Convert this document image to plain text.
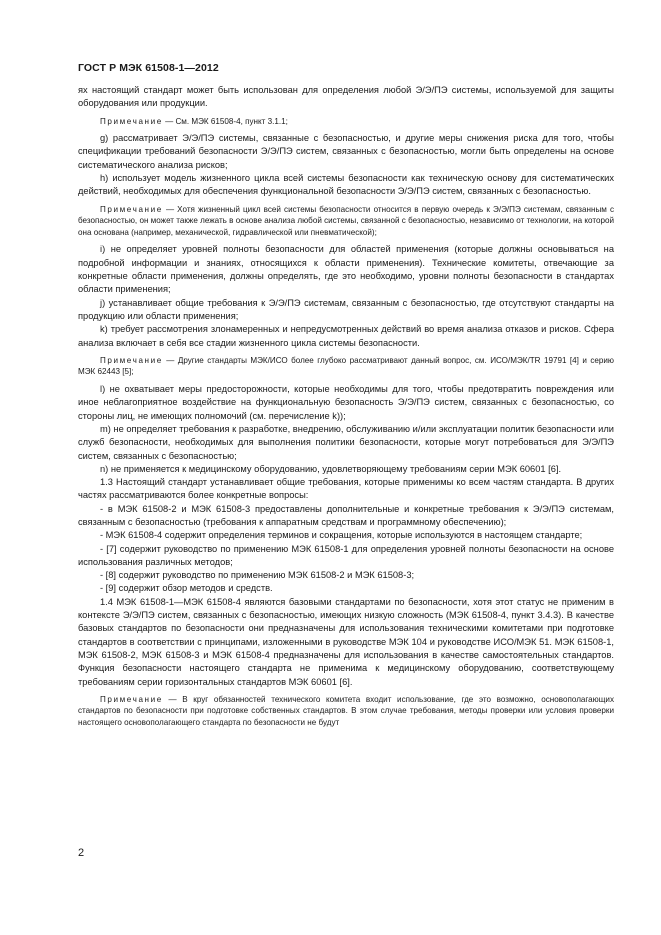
ГОСТ Р МЭК 61508-1—2012

ях настоящий стандарт может быть использован для определения любой Э/Э/ПЭ системы, используемой для защиты оборудования или продукции.

Примечание — См. МЭК 61508-4, пункт 3.1.1;

g) рассматривает Э/Э/ПЭ системы, связанные с безопасностью, и другие меры снижения риска для того, чтобы спецификации требований безопасности Э/Э/ПЭ систем, связанных с безопасностью, могли быть определены на основе систематического анализа рисков;

h) использует модель жизненного цикла всей системы безопасности как техническую основу для систематических действий, необходимых для обеспечения функциональной безопасности Э/Э/ПЭ систем, связанных с безопасностью.

Примечание — Хотя жизненный цикл всей системы безопасности относится в первую очередь к Э/Э/ПЭ системам, связанным с безопасностью, он может также лежать в основе анализа любой системы, связанной с безопасностью, независимо от технологии, на которой она основана (например, механической, гидравлической или пневматической);

i) не определяет уровней полноты безопасности для областей применения (которые должны основываться на подробной информации и знаниях, относящихся к области применения). Технические комитеты, отвечающие за конкретные области применения, должны определять, где это необходимо, уровни полноты безопасности в стандартах области применения;

j) устанавливает общие требования к Э/Э/ПЭ системам, связанным с безопасностью, где отсутствуют стандарты на продукцию или области применения;

k) требует рассмотрения злонамеренных и непредусмотренных действий во время анализа отказов и рисков. Сфера анализа включает в себя все стадии жизненного цикла системы безопасности.

Примечание — Другие стандарты МЭК/ИСО более глубоко рассматривают данный вопрос, см. ИСО/МЭК/TR 19791 [4] и серию МЭК 62443 [5];

l) не охватывает меры предосторожности, которые необходимы для того, чтобы предотвратить повреждения или иное неблагоприятное воздействие на функциональную безопасность Э/Э/ПЭ систем, связанных с безопасностью, со стороны лиц, не имеющих полномочий (см. перечисление k));

m) не определяет требования к разработке, внедрению, обслуживанию и/или эксплуатации политик безопасности или служб безопасности, необходимых для выполнения политики безопасности, которые могут потребоваться для Э/Э/ПЭ систем, связанных с безопасностью;

n) не применяется к медицинскому оборудованию, удовлетворяющему требованиям серии МЭК 60601 [6].

1.3 Настоящий стандарт устанавливает общие требования, которые применимы ко всем частям стандарта. В других частях рассматриваются более конкретные вопросы:

- в МЭК 61508-2 и МЭК 61508-3 предоставлены дополнительные и конкретные требования к Э/Э/ПЭ системам, связанным с безопасностью (требования к аппаратным средствам и программному обеспечению);

- МЭК 61508-4 содержит определения терминов и сокращения, которые используются в настоящем стандарте;

- [7] содержит руководство по применению МЭК 61508-1 для определения уровней полноты безопасности на основе использования различных методов;

- [8] содержит руководство по применению МЭК 61508-2 и МЭК 61508-3;

- [9] содержит обзор методов и средств.

1.4 МЭК 61508-1—МЭК 61508-4 являются базовыми стандартами по безопасности, хотя этот статус не применим в контексте Э/Э/ПЭ систем, связанных с безопасностью, имеющих низкую сложность (МЭК 61508-4, пункт 3.4.3). В качестве базовых стандартов по безопасности они предназначены для использования техническими комитетами при подготовке стандартов в соответствии с принципами, изложенными в руководстве МЭК 104 и руководстве ИСО/МЭК 51. МЭК 61508-1, МЭК 61508-2, МЭК 61508-3 и МЭК 61508-4 предназначены для использования в качестве самостоятельных стандартов. Функция безопасности настоящего стандарта не применима к медицинскому оборудованию, соответствующему требованиям серии горизонтальных стандартов МЭК 60601 [6].

Примечание — В круг обязанностей технического комитета входит использование, где это возможно, основополагающих стандартов по безопасности при подготовке собственных стандартов. В этом случае требования, методы проверки или условия проверки настоящего основополагающего стандарта по безопасности не будут

2
